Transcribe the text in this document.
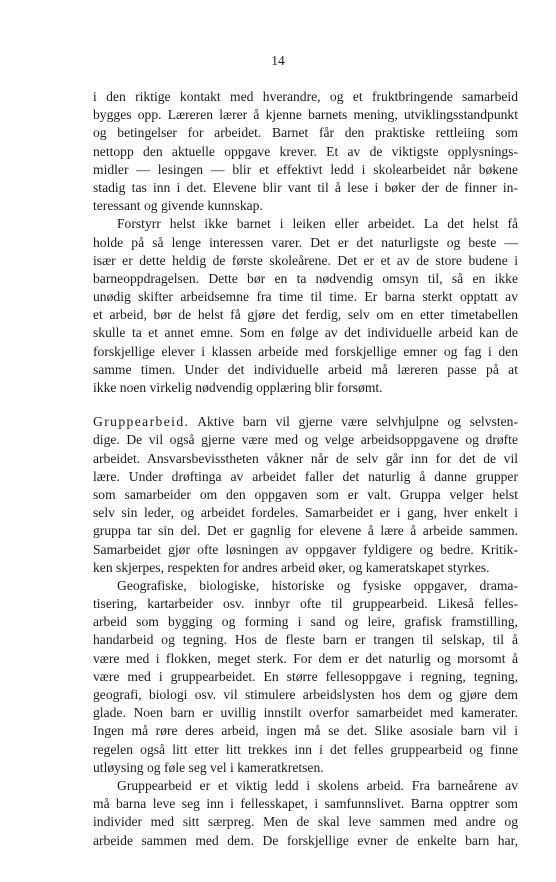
14
i den riktige kontakt med hverandre, og et fruktbringende samarbeid
bygges opp. Læreren lærer å kjenne barnets mening, utviklingsstandpunkt
og betingelser for arbeidet. Barnet får den praktiske rettleiing som
nettopp den aktuelle oppgave krever. Et av de viktigste opplysnings-
midler — lesingen — blir et effektivt ledd i skolearbeidet når bøkene
stadig tas inn i det. Elevene blir vant til å lese i bøker der de finner in-
teressant og givende kunnskap.
Forstyrr helst ikke barnet i leiken eller arbeidet. La det helst få
holde på så lenge interessen varer. Det er det naturligste og beste —
især er dette heldig de første skoleårene. Det er et av de store budene i
barneoppdragelsen. Dette bør en ta nødvendig omsyn til, så en ikke
unødig skifter arbeidsemne fra time til time. Er barna sterkt opptatt av
et arbeid, bør de helst få gjøre det ferdig, selv om en etter timetabellen
skulle ta et annet emne. Som en følge av det individuelle arbeid kan de
forskjellige elever i klassen arbeide med forskjellige emner og fag i den
samme timen. Under det individuelle arbeid må læreren passe på at
ikke noen virkelig nødvendig opplæring blir forsømt.
Gruppearbeid. Aktive barn vil gjerne være selvhjulpne og selvsten-
dige. De vil også gjerne være med og velge arbeidsoppgavene og drøfte
arbeidet. Ansvarsbevisstheten våkner når de selv går inn for det de vil
lære. Under drøftinga av arbeidet faller det naturlig å danne grupper
som samarbeider om den oppgaven som er valt. Gruppa velger helst
selv sin leder, og arbeidet fordeles. Samarbeidet er i gang, hver enkelt i
gruppa tar sin del. Det er gagnlig for elevene å lære å arbeide sammen.
Samarbeidet gjør ofte løsningen av oppgaver fyldigere og bedre. Kritik-
ken skjerpes, respekten for andres arbeid øker, og kameratskapet styrkes.
Geografiske, biologiske, historiske og fysiske oppgaver, drama-
tisering, kartarbeider osv. innbyr ofte til gruppearbeid. Likeså felles-
arbeid som bygging og forming i sand og leire, grafisk framstilling,
handarbeid og tegning. Hos de fleste barn er trangen til selskap, til å
være med i flokken, meget sterk. For dem er det naturlig og morsomt å
være med i gruppearbeidet. En større fellesoppgave i regning, tegning,
geografi, biologi osv. vil stimulere arbeidslysten hos dem og gjøre dem
glade. Noen barn er uvillig innstilt overfor samarbeidet med kamerater.
Ingen må røre deres arbeid, ingen må se det. Slike asosiale barn vil i
regelen også litt etter litt trekkes inn i det felles gruppearbeid og finne
utløysing og føle seg vel i kameratkretsen.
Gruppearbeid er et viktig ledd i skolens arbeid. Fra barneårene av
må barna leve seg inn i fellesskapet, i samfunnslivet. Barna opptrer som
individer med sitt særpreg. Men de skal leve sammen med andre og
arbeide sammen med dem. De forskjellige evner de enkelte barn har,
